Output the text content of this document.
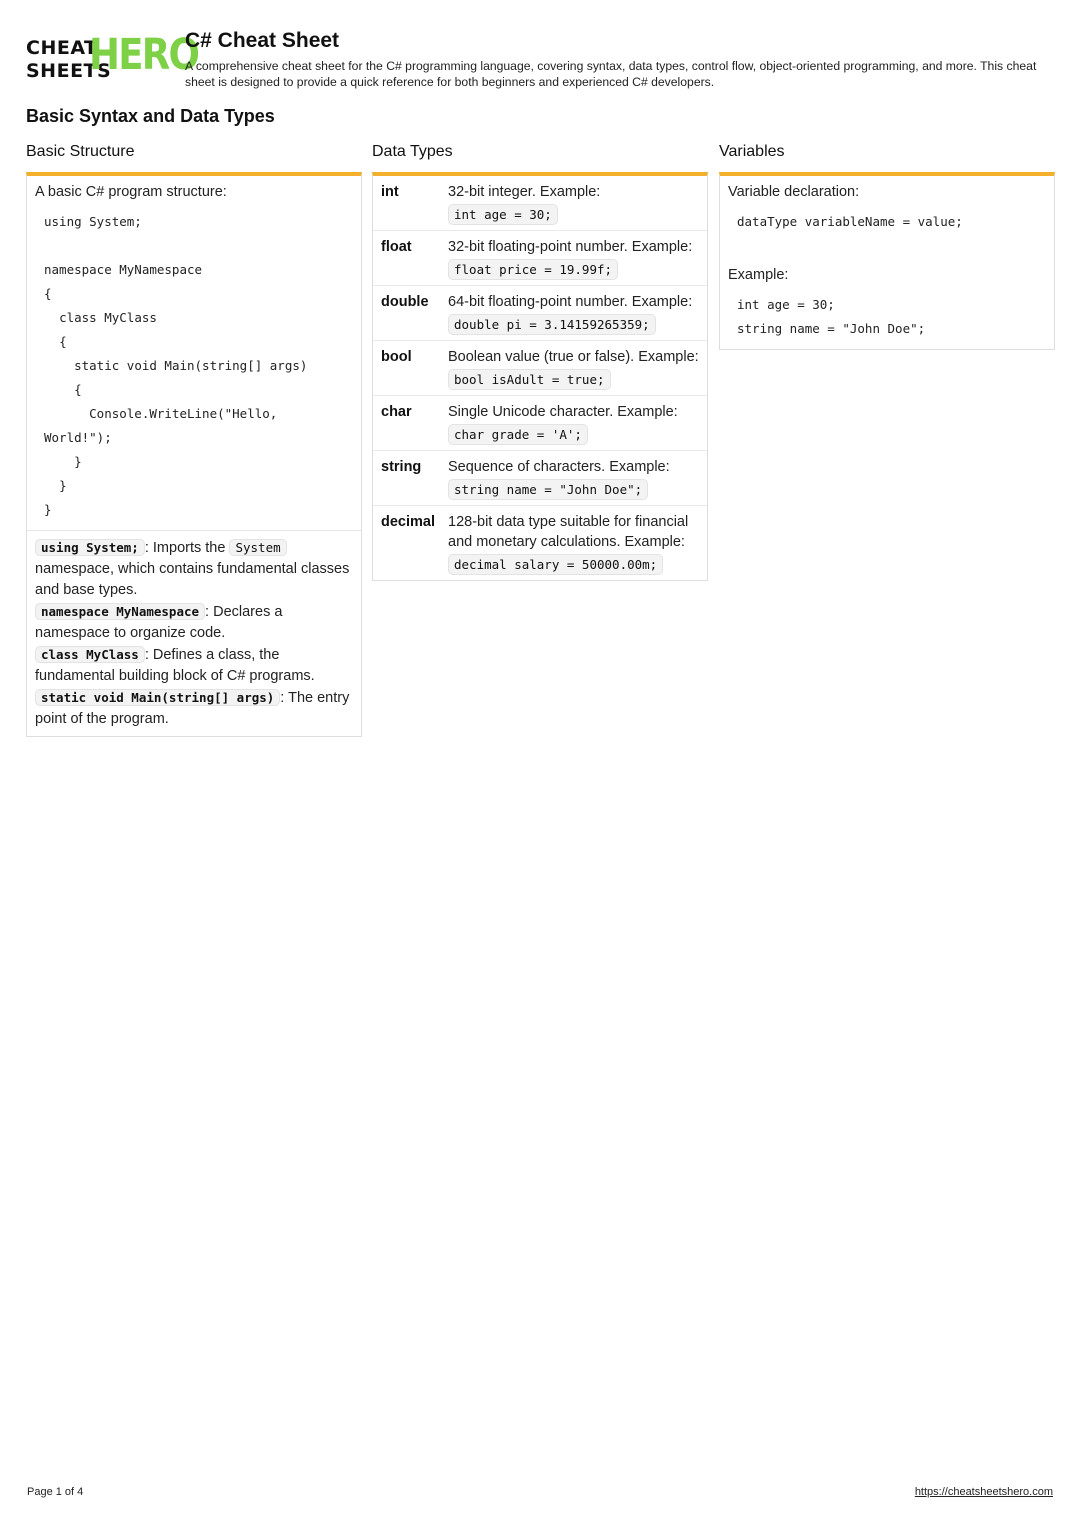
CHEAT
SHEETS
HERO
C# Cheat Sheet
A comprehensive cheat sheet for the C# programming language, covering syntax, data types, control flow, object-oriented programming, and more. This cheat sheet is designed to provide a quick reference for both beginners and experienced C# developers.
Basic Syntax and Data Types
Basic Structure
A basic C# program structure:
using System;

namespace MyNamespace
{
class MyClass
{
static void Main(string[] args)
{
Console.WriteLine("Hello,
World!");
}
}
}
using System; : Imports the System namespace, which contains fundamental classes and base types.
namespace MyNamespace : Declares a namespace to organize code.
class MyClass : Defines a class, the fundamental building block of C# programs.
static void Main(string[] args) : The entry point of the program.
Data Types
int	32-bit integer. Example: int age = 30;
float	32-bit floating-point number. Example:
float price = 19.99f;
double	64-bit floating-point number. Example:
double pi = 3.14159265359;
bool	Boolean value (true or false). Example:
bool isAdult = true;
char	Single Unicode character. Example:
char grade = 'A';
string	Sequence of characters. Example:
string name = "John Doe";
decimal 128-bit data type suitable for financial and monetary calculations. Example:
decimal salary = 50000.00m;
Variables
Variable declaration:
dataType variableName = value;
Example:
int age = 30;
string name = "John Doe";
Page 1 of 4	https://cheatsheetshero.com
